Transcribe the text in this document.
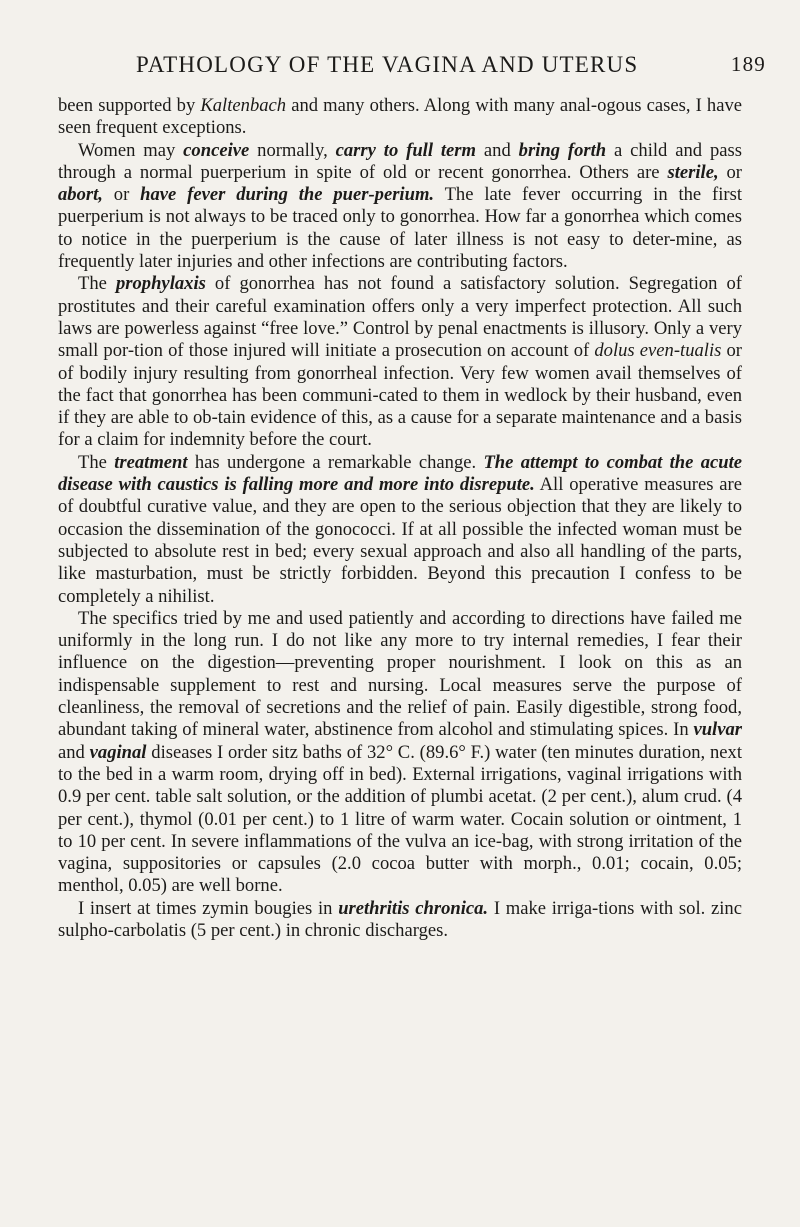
PATHOLOGY OF THE VAGINA AND UTERUS	189

been supported by Kaltenbach and many others. Along with many anal-ogous cases, I have seen frequent exceptions.

Women may conceive normally, carry to full term and bring forth a child and pass through a normal puerperium in spite of old or recent gonorrhea. Others are sterile, or abort, or have fever during the puer-perium. The late fever occurring in the first puerperium is not always to be traced only to gonorrhea. How far a gonorrhea which comes to notice in the puerperium is the cause of later illness is not easy to deter-mine, as frequently later injuries and other infections are contributing factors.

The prophylaxis of gonorrhea has not found a satisfactory solution. Segregation of prostitutes and their careful examination offers only a very imperfect protection. All such laws are powerless against “free love.” Control by penal enactments is illusory. Only a very small por-tion of those injured will initiate a prosecution on account of dolus even-tualis or of bodily injury resulting from gonorrheal infection. Very few women avail themselves of the fact that gonorrhea has been communi-cated to them in wedlock by their husband, even if they are able to ob-tain evidence of this, as a cause for a separate maintenance and a basis for a claim for indemnity before the court.

The treatment has undergone a remarkable change. The attempt to combat the acute disease with caustics is falling more and more into disrepute. All operative measures are of doubtful curative value, and they are open to the serious objection that they are likely to occasion the dissemination of the gonococci. If at all possible the infected woman must be subjected to absolute rest in bed; every sexual approach and also all handling of the parts, like masturbation, must be strictly forbidden. Beyond this precaution I confess to be completely a nihilist.

The specifics tried by me and used patiently and according to directions have failed me uniformly in the long run. I do not like any more to try internal remedies, I fear their influence on the digestion—preventing proper nourishment. I look on this as an indispensable supplement to rest and nursing. Local measures serve the purpose of cleanliness, the removal of secretions and the relief of pain. Easily digestible, strong food, abundant taking of mineral water, abstinence from alcohol and stimulating spices. In vulvar and vaginal diseases I order sitz baths of 32° C. (89.6° F.) water (ten minutes duration, next to the bed in a warm room, drying off in bed). External irrigations, vaginal irrigations with 0.9 per cent. table salt solution, or the addition of plumbi acetat. (2 per cent.), alum crud. (4 per cent.), thymol (0.01 per cent.) to 1 litre of warm water. Cocain solution or ointment, 1 to 10 per cent. In severe inflammations of the vulva an ice-bag, with strong irritation of the vagina, suppositories or capsules (2.0 cocoa butter with morph., 0.01; cocain, 0.05; menthol, 0.05) are well borne.

I insert at times zymin bougies in urethritis chronica. I make irriga-tions with sol. zinc sulpho-carbolatis (5 per cent.) in chronic discharges.
